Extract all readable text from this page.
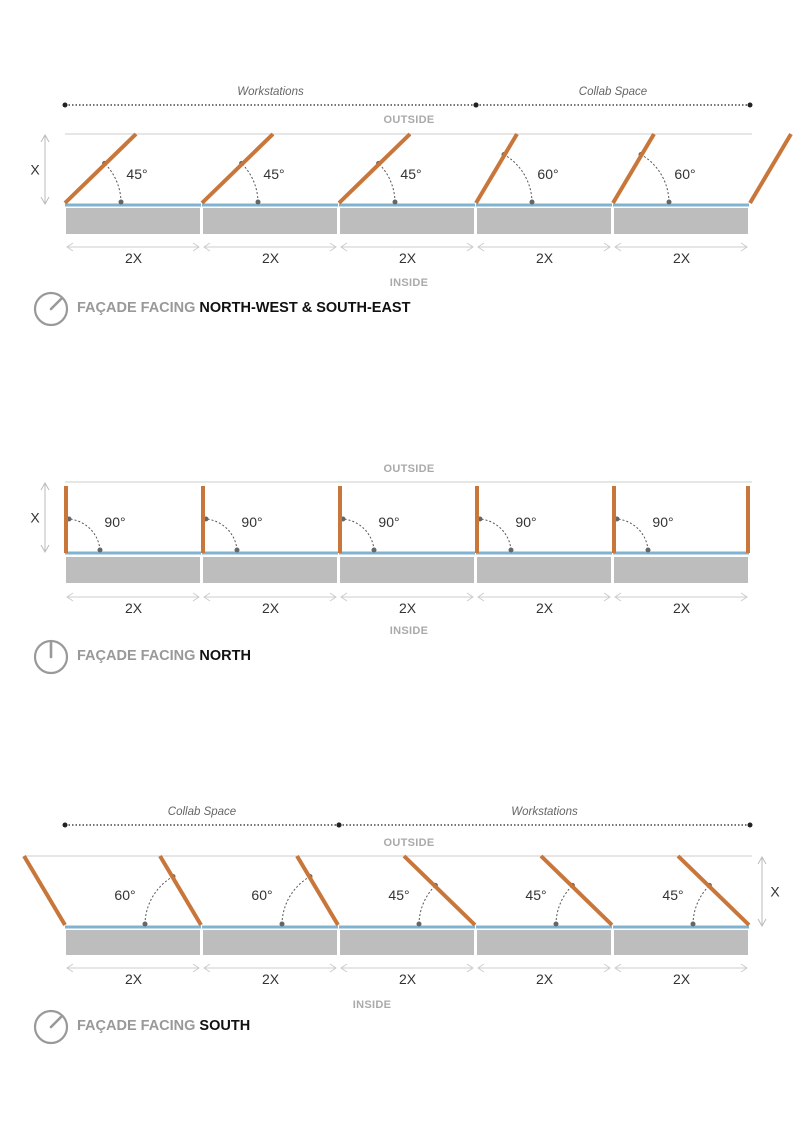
Workstations	Collab Space
OUTSIDE
X
2X
45°
2X
45°
2X
45°
2X
60°
2X
60°
INSIDE
FAÇADE FACING NORTH-WEST & SOUTH-EAST
OUTSIDE
X
2X
90°
2X
90°
2X
90°
2X
90°
2X
90°
INSIDE
FAÇADE FACING NORTH
Collab Space	Workstations
OUTSIDE
X
2X
60°
2X
60°
2X
45°
2X
45°
2X
45°
INSIDE
FAÇADE FACING SOUTH
